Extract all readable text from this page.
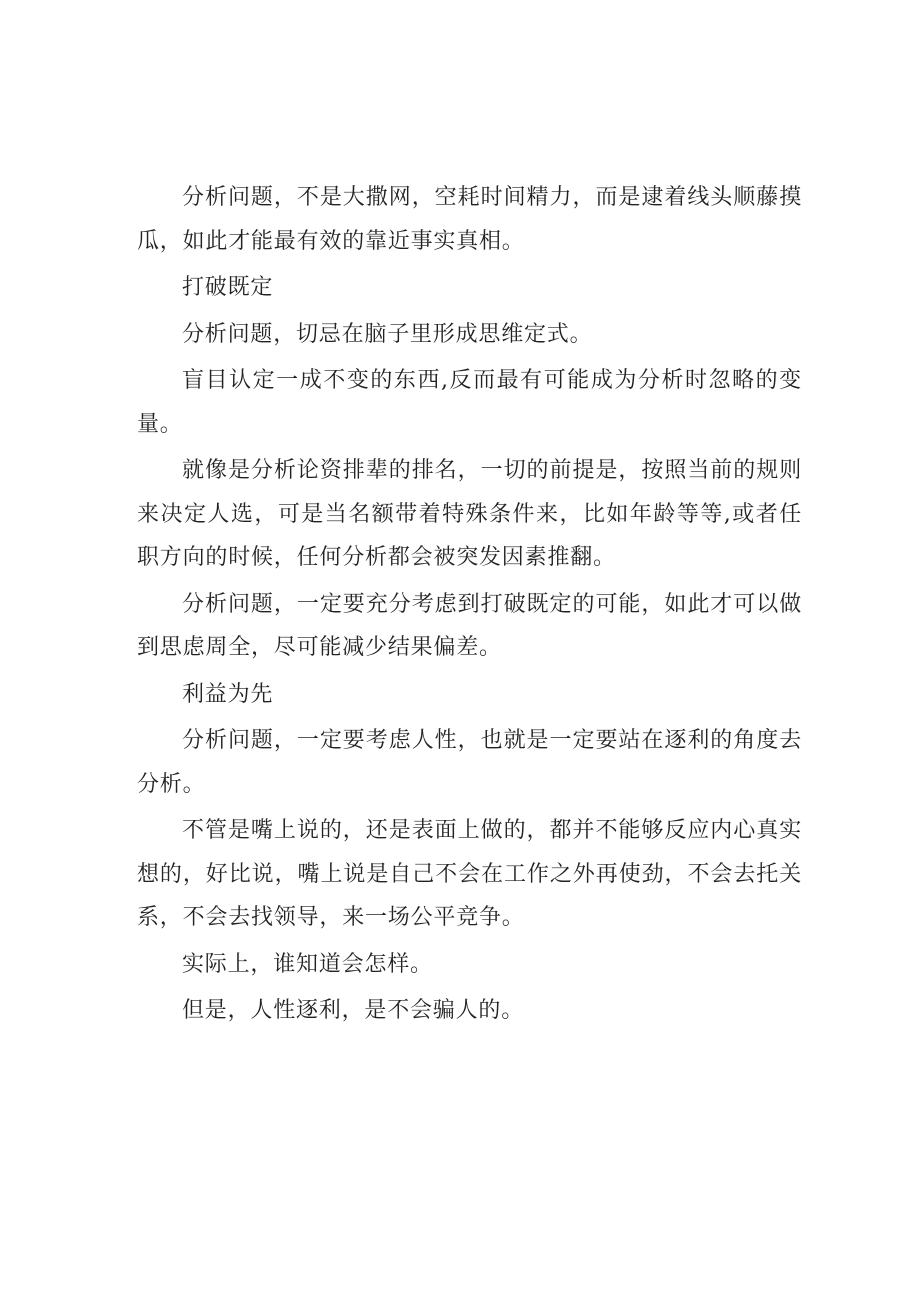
分析问题，不是大撒网，空耗时间精力，而是逮着线头顺藤摸瓜，如此才能最有效的靠近事实真相。

打破既定

分析问题，切忌在脑子里形成思维定式。

盲目认定一成不变的东西,反而最有可能成为分析时忽略的变量。

就像是分析论资排辈的排名，一切的前提是，按照当前的规则来决定人选，可是当名额带着特殊条件来，比如年龄等等,或者任职方向的时候，任何分析都会被突发因素推翻。

分析问题，一定要充分考虑到打破既定的可能，如此才可以做到思虑周全，尽可能减少结果偏差。

利益为先

分析问题，一定要考虑人性，也就是一定要站在逐利的角度去分析。

不管是嘴上说的，还是表面上做的，都并不能够反应内心真实想的，好比说，嘴上说是自己不会在工作之外再使劲，不会去托关系，不会去找领导，来一场公平竞争。

实际上，谁知道会怎样。

但是，人性逐利，是不会骗人的。
